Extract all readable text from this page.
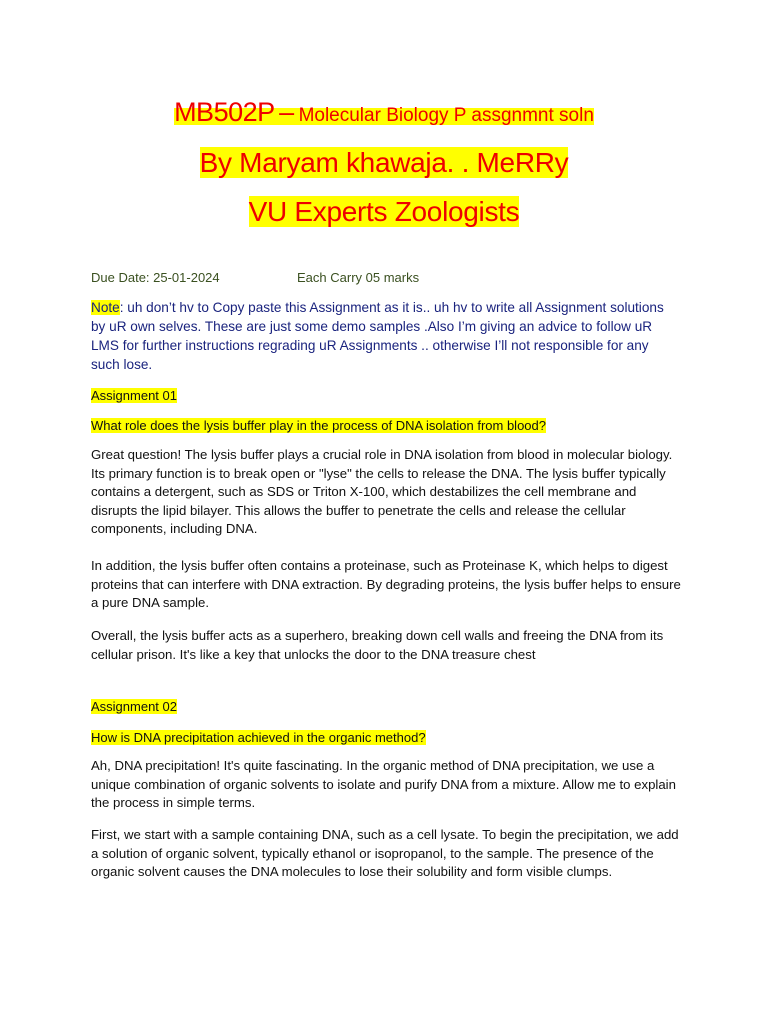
MB502P – Molecular Biology P assgnmnt soln
By Maryam khawaja. . MeRRy
VU Experts Zoologists
Due Date: 25-01-2024	Each Carry 05 marks
Note: uh don’t hv to Copy paste this Assignment as it is.. uh hv to write all Assignment solutions by uR own selves. These are just some demo samples .Also I’m giving an advice to follow uR LMS for further instructions regrading uR Assignments .. otherwise I’ll not responsible for any such lose.
Assignment 01
What role does the lysis buffer play in the process of DNA isolation from blood?
Great question! The lysis buffer plays a crucial role in DNA isolation from blood in molecular biology. Its primary function is to break open or "lyse" the cells to release the DNA. The lysis buffer typically contains a detergent, such as SDS or Triton X-100, which destabilizes the cell membrane and disrupts the lipid bilayer. This allows the buffer to penetrate the cells and release the cellular components, including DNA.
In addition, the lysis buffer often contains a proteinase, such as Proteinase K, which helps to digest proteins that can interfere with DNA extraction. By degrading proteins, the lysis buffer helps to ensure a pure DNA sample.
Overall, the lysis buffer acts as a superhero, breaking down cell walls and freeing the DNA from its cellular prison. It's like a key that unlocks the door to the DNA treasure chest
Assignment 02
How is DNA precipitation achieved in the organic method?
Ah, DNA precipitation! It's quite fascinating. In the organic method of DNA precipitation, we use a unique combination of organic solvents to isolate and purify DNA from a mixture. Allow me to explain the process in simple terms.
First, we start with a sample containing DNA, such as a cell lysate. To begin the precipitation, we add a solution of organic solvent, typically ethanol or isopropanol, to the sample. The presence of the organic solvent causes the DNA molecules to lose their solubility and form visible clumps.
